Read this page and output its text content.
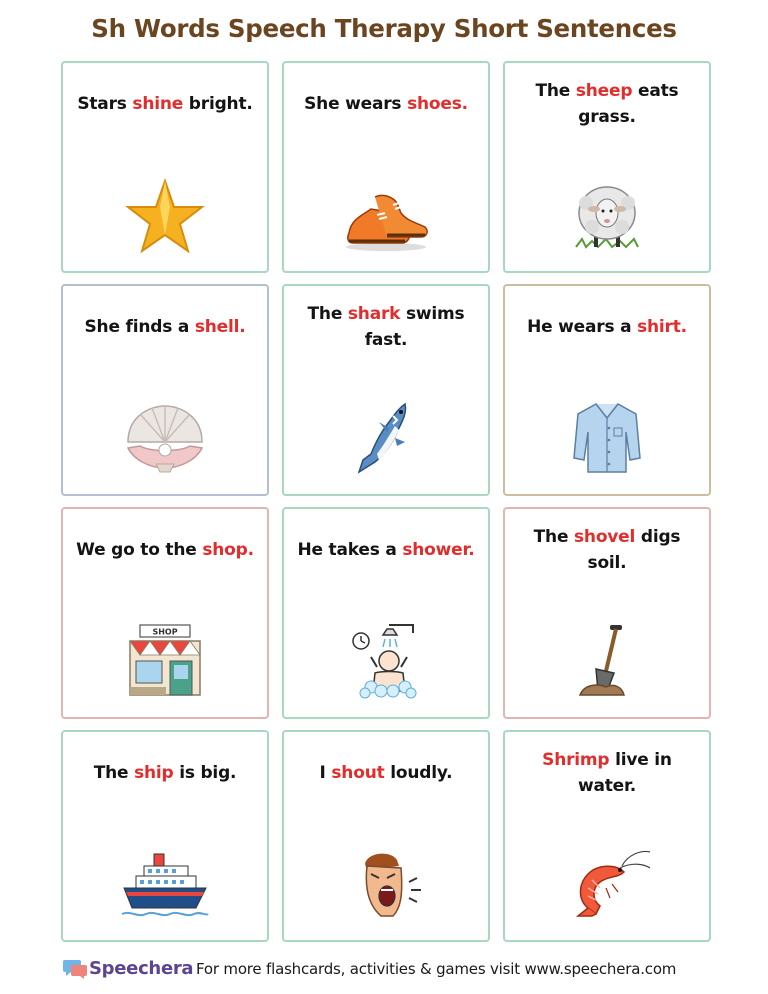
Sh Words Speech Therapy Short Sentences
Stars shine bright.	She wears shoes.
The sheep eats grass.
She finds a shell.
The shark swims fast.
He wears a shirt.
We go to the shop.
SHOP
He takes a shower.
The shovel digs soil.
The ship is big.	I shout loudly.
Shrimp live in water.
Speechera For more flashcards, activities & games visit www.speechera.com
